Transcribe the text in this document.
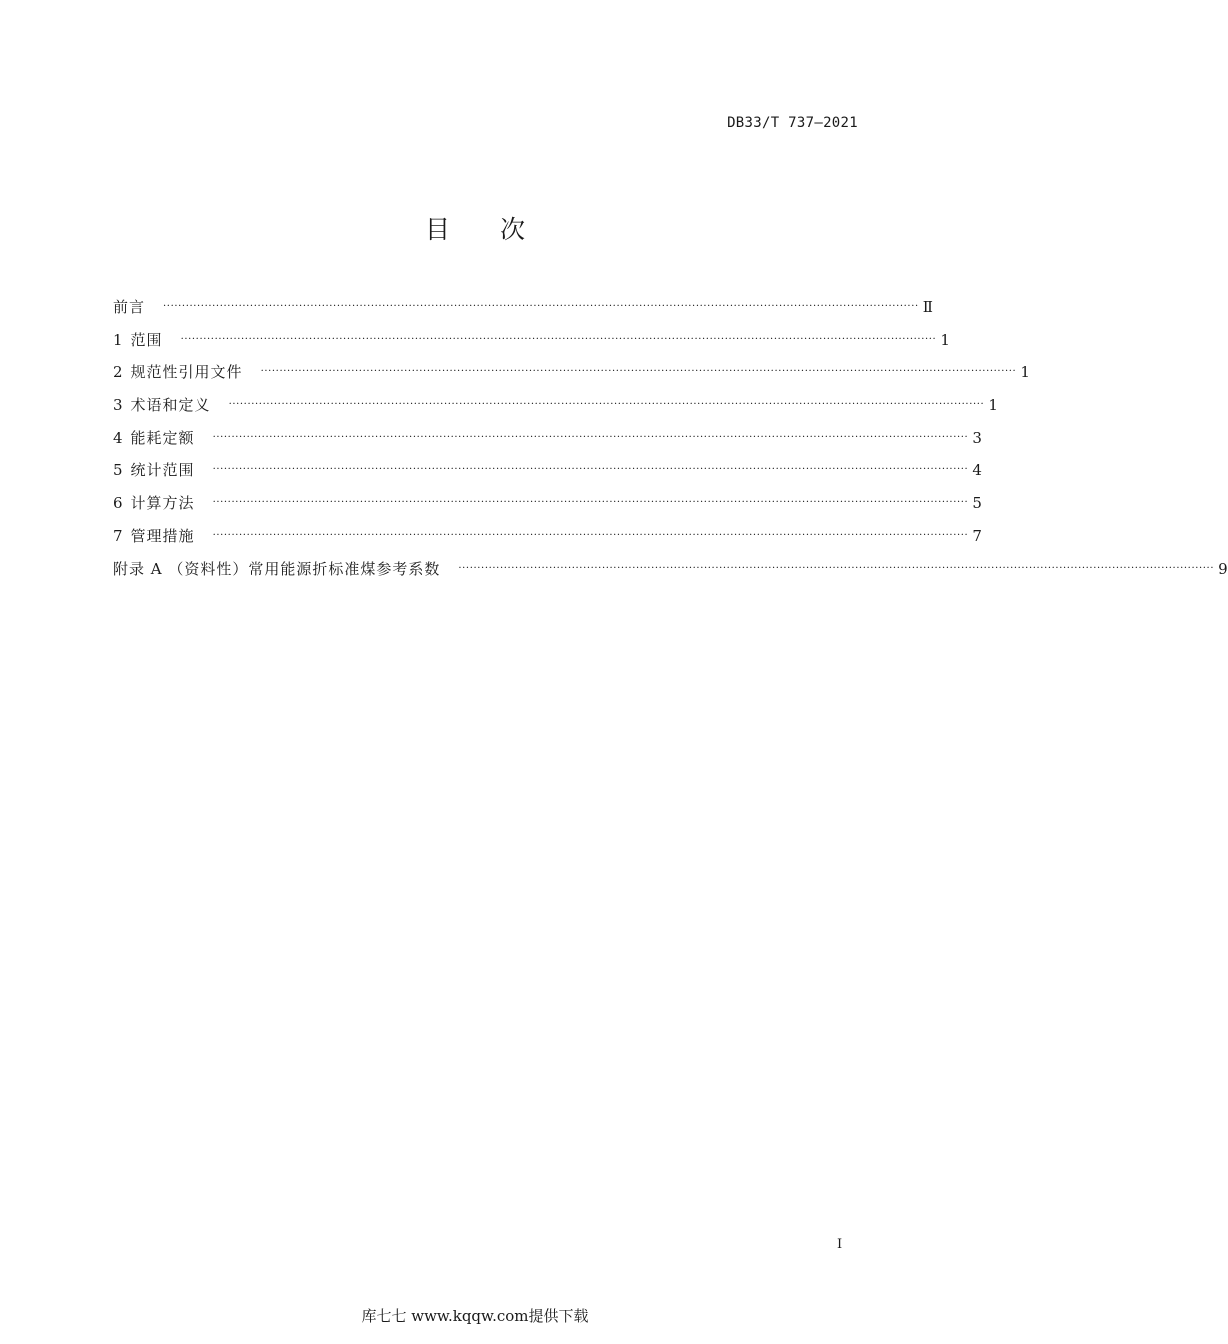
DB33/T 737—2021
目 次
前言 ········································································································································································································ Ⅱ
1 范围 ········································································································································································································ 1
2 规范性引用文件 ········································································································································································································ 1
3 术语和定义 ········································································································································································································ 1
4 能耗定额 ········································································································································································································ 3
5 统计范围 ········································································································································································································ 4
6 计算方法 ········································································································································································································ 5
7 管理措施 ········································································································································································································ 7
附录 A （资料性）常用能源折标准煤参考系数 ········································································································································································································ 9
I
库七七 www.kqqw.com提供下载
